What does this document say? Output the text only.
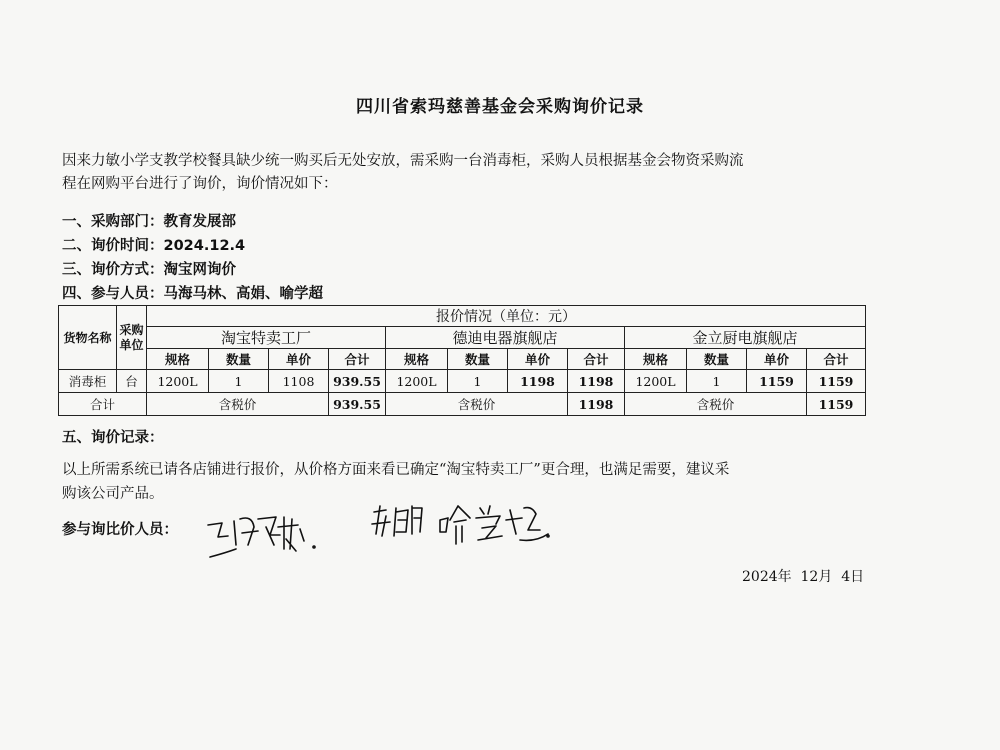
四川省索玛慈善基金会采购询价记录

因来力敏小学支教学校餐具缺少统一购买后无处安放，需采购一台消毒柜，采购人员根据基金会物资采购流

程在网购平台进行了询价，询价情况如下：

一、采购部门：教育发展部
二、询价时间：2024.12.4
三、询价方式：淘宝网询价
四、参与人员：马海马林、高娟、喻学超
货物名称	采购单位	报价情况（单位：元）											
		淘宝特卖工厂				德迪电器旗舰店				金立厨电旗舰店			
		规格	数量	单价	合计	规格	数量	单价	合计	规格	数量	单价	合计
消毒柜	台	1200L	1	1108	939.55	1200L	1	1198	1198	1200L	1	1159	1159
合计		含税价			939.55	含税价			1198	含税价			1159
五、询价记录：

以上所需系统已请各店铺进行报价，从价格方面来看已确定“淘宝特卖工厂”更合理，也满足需要，建议采

购该公司产品。

参与询比价人员：
2024年  12月  4日
